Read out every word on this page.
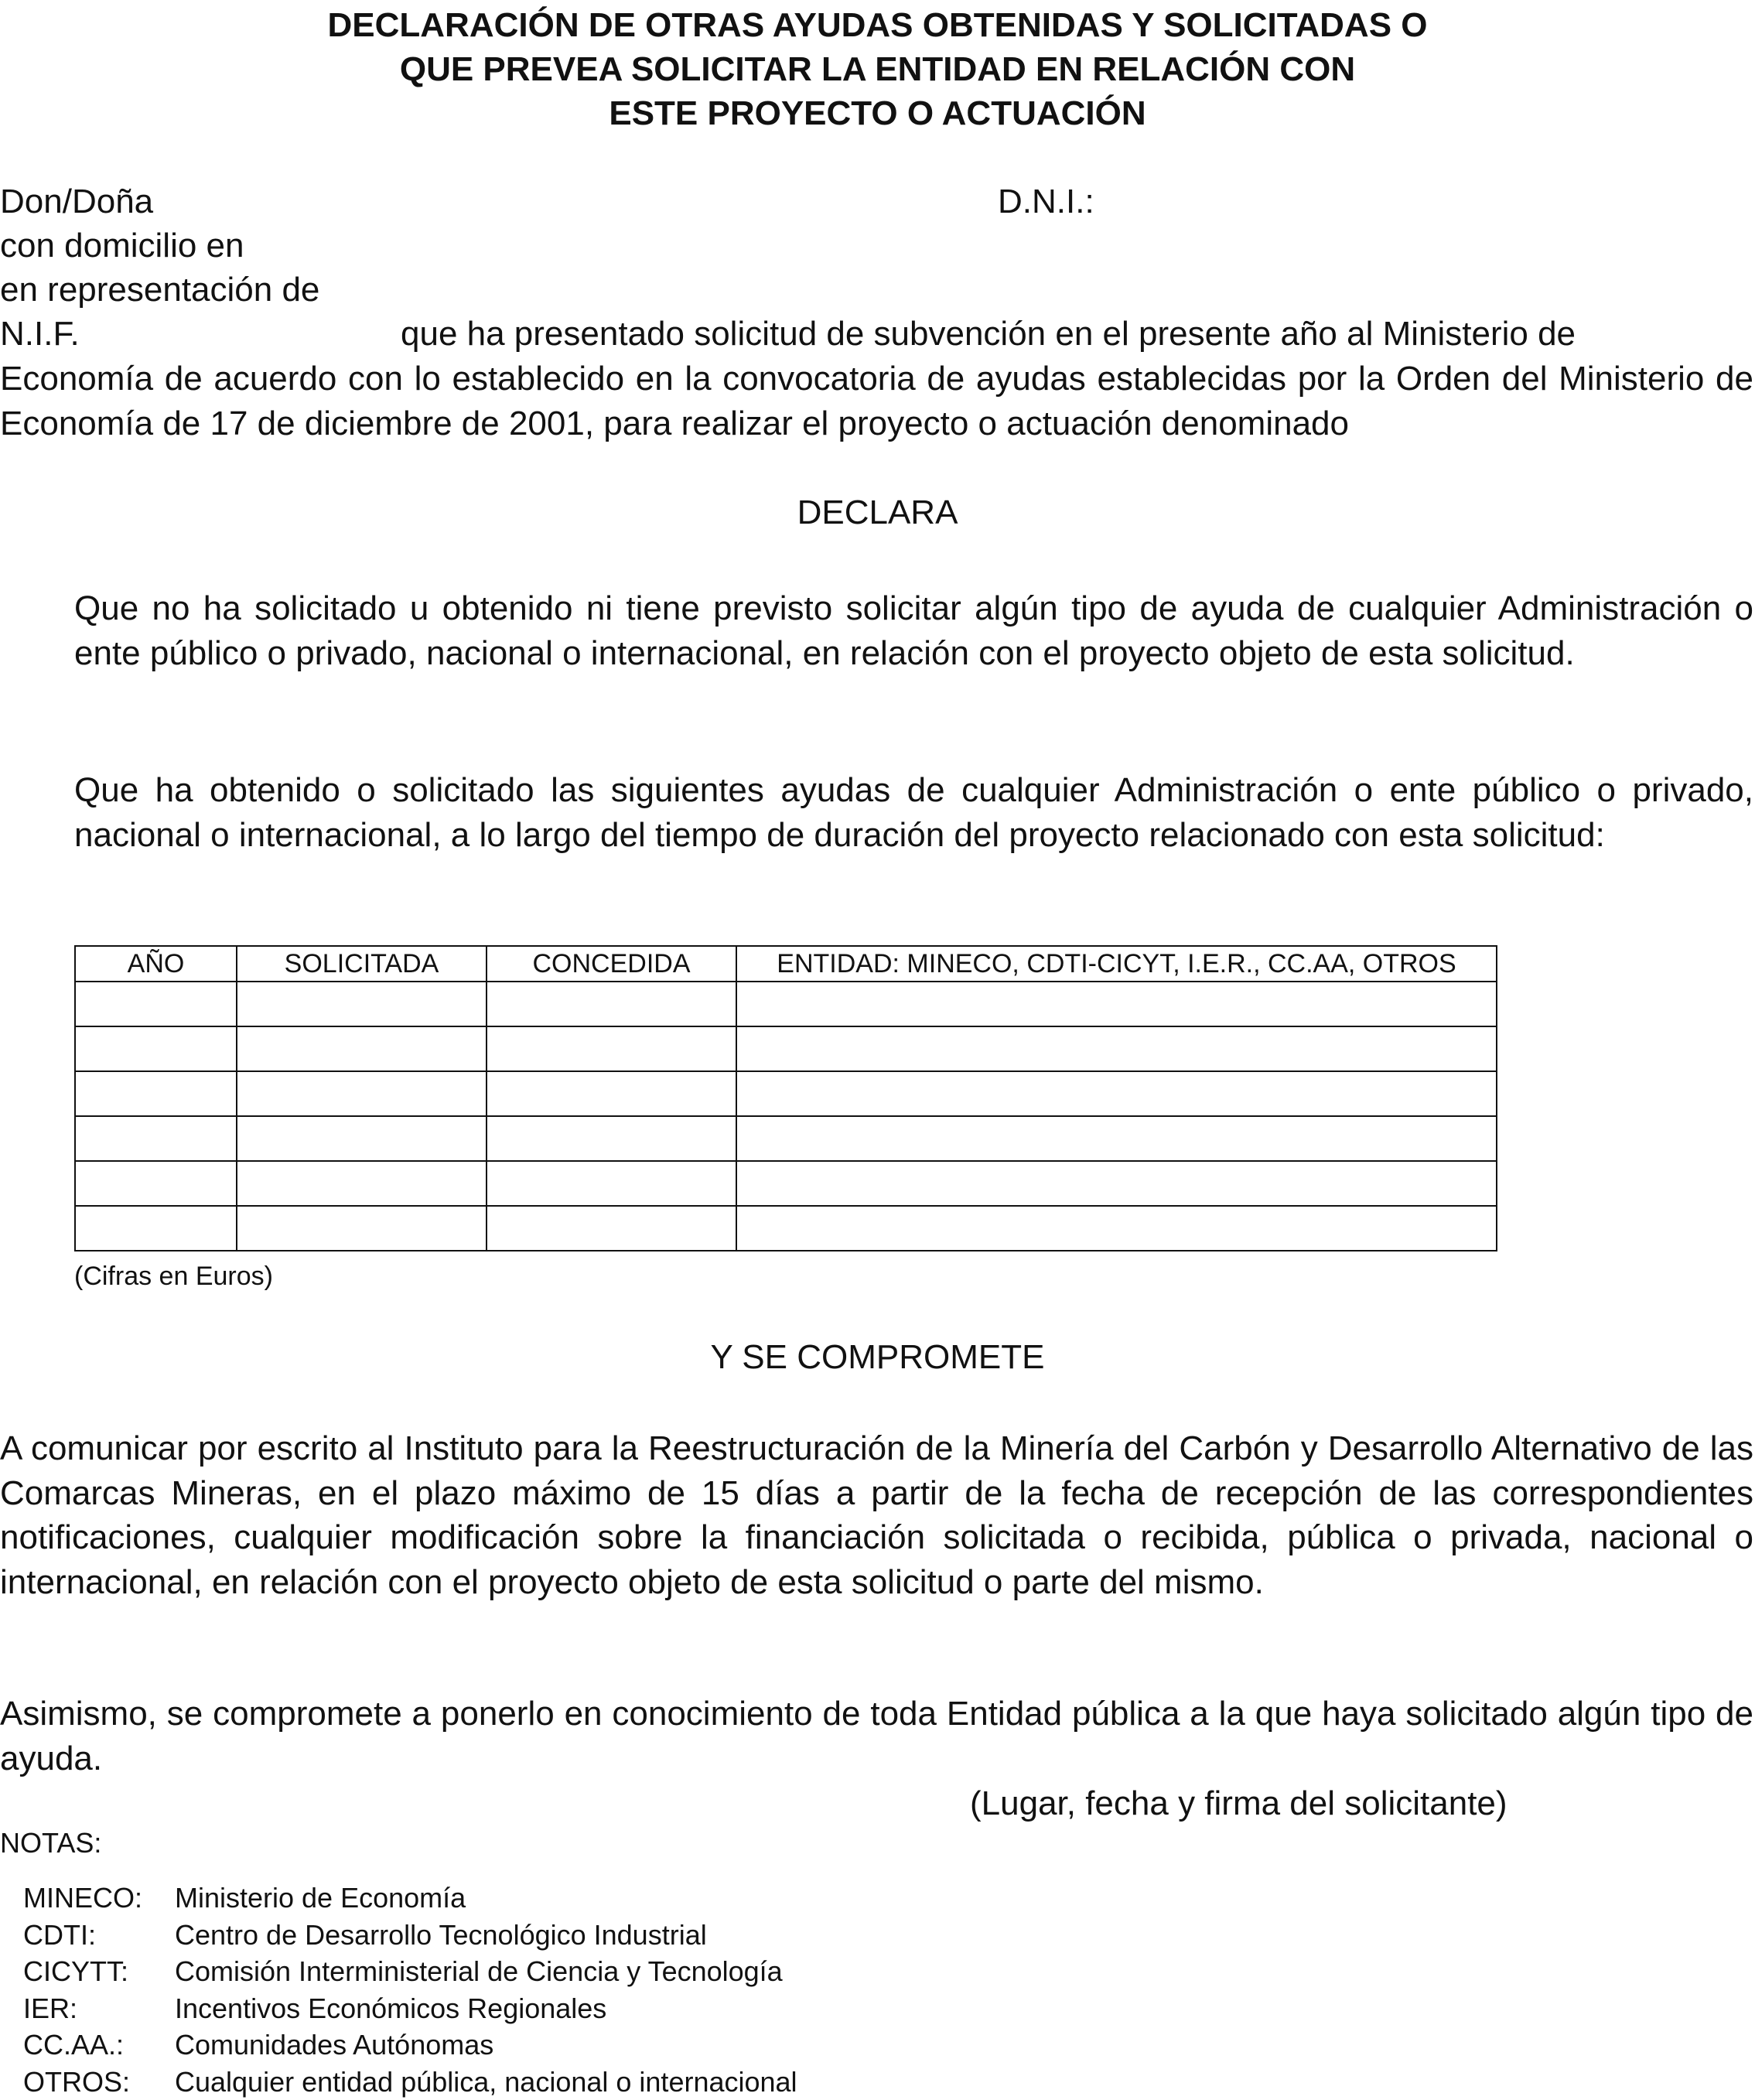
DECLARACIÓN DE OTRAS AYUDAS OBTENIDAS Y SOLICITADAS O
QUE PREVEA SOLICITAR LA ENTIDAD EN RELACIÓN CON
ESTE PROYECTO O ACTUACIÓN

Don/Doña	D.N.I.:

con domicilio en

en representación de

N.I.F.	que ha presentado solicitud de subvención en el presente año al Ministerio de

Economía de acuerdo con lo establecido en la convocatoria de ayudas establecidas por la Orden del Ministerio de Economía de 17 de diciembre de 2001, para realizar el proyecto o actuación denominado

DECLARA

Que no ha solicitado u obtenido ni tiene previsto solicitar algún tipo de ayuda de cualquier Administración o ente público o privado, nacional o internacional, en relación con el proyecto objeto de esta solicitud.

Que ha obtenido o solicitado las siguientes ayudas de cualquier Administración o ente público o privado, nacional o internacional, a lo largo del tiempo de duración del proyecto relacionado con esta solicitud:

AÑO	SOLICITADA	CONCEDIDA	ENTIDAD: MINECO, CDTI-CICYT, I.E.R., CC.AA, OTROS

(Cifras en Euros)

Y SE COMPROMETE

A comunicar por escrito al Instituto para la Reestructuración de la Minería del Carbón y Desarrollo Alternativo de las Comarcas Mineras, en el plazo máximo de 15 días a partir de la fecha de recepción de las correspondientes notificaciones, cualquier modificación sobre la financiación solicitada o recibida, pública o privada, nacional o internacional, en relación con el proyecto objeto de esta solicitud o parte del mismo.

Asimismo, se compromete a ponerlo en conocimiento de toda Entidad pública a la que haya solicitado algún tipo de ayuda.

(Lugar, fecha y firma del solicitante)

NOTAS:

MINECO:	Ministerio de Economía
CDTI:	Centro de Desarrollo Tecnológico Industrial
CICYTT:	Comisión Interministerial de Ciencia y Tecnología
IER:	Incentivos Económicos Regionales
CC.AA.:	Comunidades Autónomas
OTROS:	Cualquier entidad pública, nacional o internacional
